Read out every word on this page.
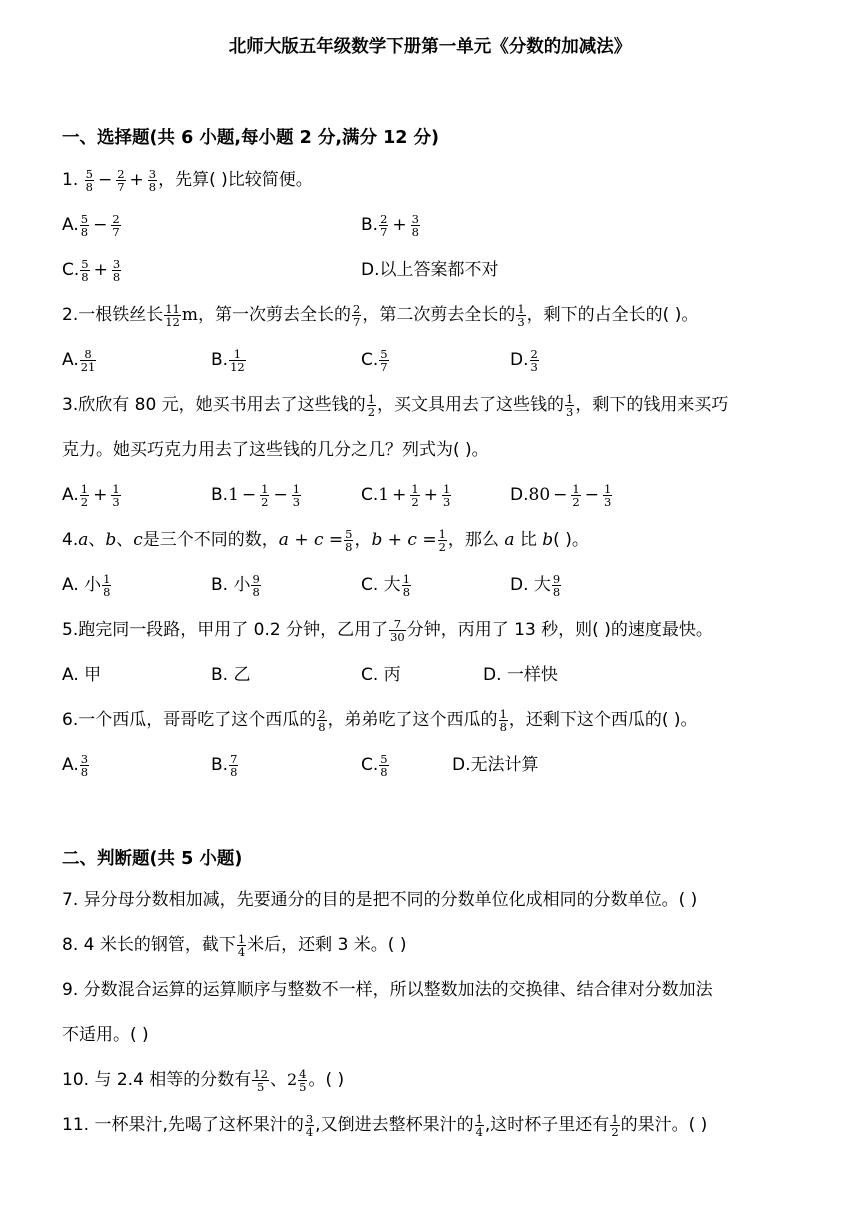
北师大版五年级数学下册第一单元《分数的加减法》
一、选择题(共 6 小题,每小题 2 分,满分 12 分)
1. $\frac{5}{8} - \frac{2}{7} + \frac{3}{8}$ ，先算( )比较简便。
A. $\frac{5}{8} - \frac{2}{7}$	B. $\frac{2}{7} + \frac{3}{8}$
C. $\frac{5}{8} + \frac{3}{8}$	D.以上答案都不对
2.一根铁丝长 $\frac{11}{12}$ m，第一次剪去全长的 $\frac{2}{7}$ ，第二次剪去全长的 $\frac{1}{3}$ ，剩下的占全长的( )。
A. $\frac{8}{21}$	B. $\frac{1}{12}$	C. $\frac{5}{7}$	D. $\frac{2}{3}$
3.欣欣有 80 元，她买书用去了这些钱的 $\frac{1}{2}$ ，买文具用去了这些钱的 $\frac{1}{3}$ ，剩下的钱用来买巧
克力。她买巧克力用去了这些钱的几分之几？列式为( )。
A. $\frac{1}{2} + \frac{1}{3}$	$B.1 - \frac{1}{2} - \frac{1}{3}$	$C.1 + \frac{1}{2} + \frac{1}{3}$	$D.80 - \frac{1}{2} - \frac{1}{3}$
4.a、b、c是三个不同的数，$a + c = \frac{5}{8}$ ，$b + c = \frac{1}{2}$ ，那么 a 比 b( )。
A. 小 $\frac{1}{8}$	B. 小 $\frac{9}{8}$	C. 大 $\frac{1}{8}$	D. 大 $\frac{9}{8}$
5.跑完同一段路，甲用了 0.2 分钟，乙用了 $\frac{7}{30}$ 分钟，丙用了 13 秒，则( )的速度最快。
A. 甲	B. 乙	C. 丙	D. 一样快
6.一个西瓜，哥哥吃了这个西瓜的 $\frac{2}{8}$ ，弟弟吃了这个西瓜的 $\frac{1}{8}$ ，还剩下这个西瓜的( )。
A. $\frac{3}{8}$	B. $\frac{7}{8}$	C. $\frac{5}{8}$	D.无法计算
二、判断题(共 5 小题)
7. 异分母分数相加减，先要通分的目的是把不同的分数单位化成相同的分数单位。( )
8. 4 米长的钢管，截下 $\frac{1}{4}$ 米后，还剩 3 米。( )
9. 分数混合运算的运算顺序与整数不一样，所以整数加法的交换律、结合律对分数加法
不适用。( )
10. 与 2.4 相等的分数有 $\frac{12}{5}$ 、$2 \frac{4}{5}$ 。( )
11. 一杯果汁,先喝了这杯果汁的 $\frac{3}{4}$ ,又倒进去整杯果汁的 $\frac{1}{4}$ ,这时杯子里还有 $\frac{1}{2}$ 的果汁。( )
